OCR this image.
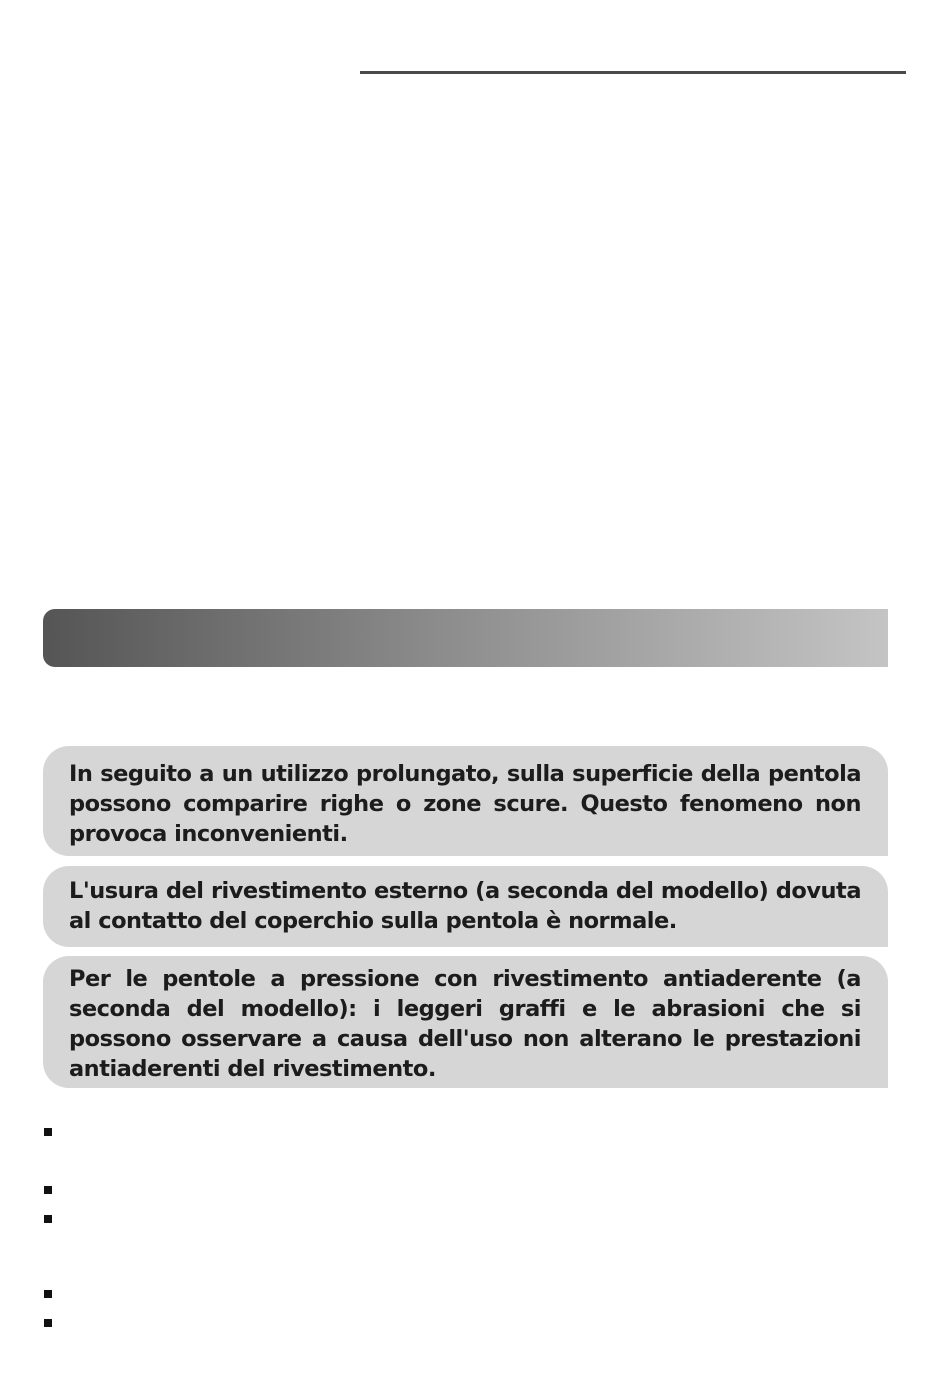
In seguito a un utilizzo prolungato, sulla superficie della pentola possono comparire righe o zone scure. Questo fenomeno non provoca inconvenienti.
L'usura del rivestimento esterno (a seconda del modello) dovuta al contatto del coperchio sulla pentola è normale.
Per le pentole a pressione con rivestimento antiaderente (a seconda del modello): i leggeri graffi e le abrasioni che si possono osservare a causa dell'uso non alterano le prestazioni antiaderenti del rivestimento.
